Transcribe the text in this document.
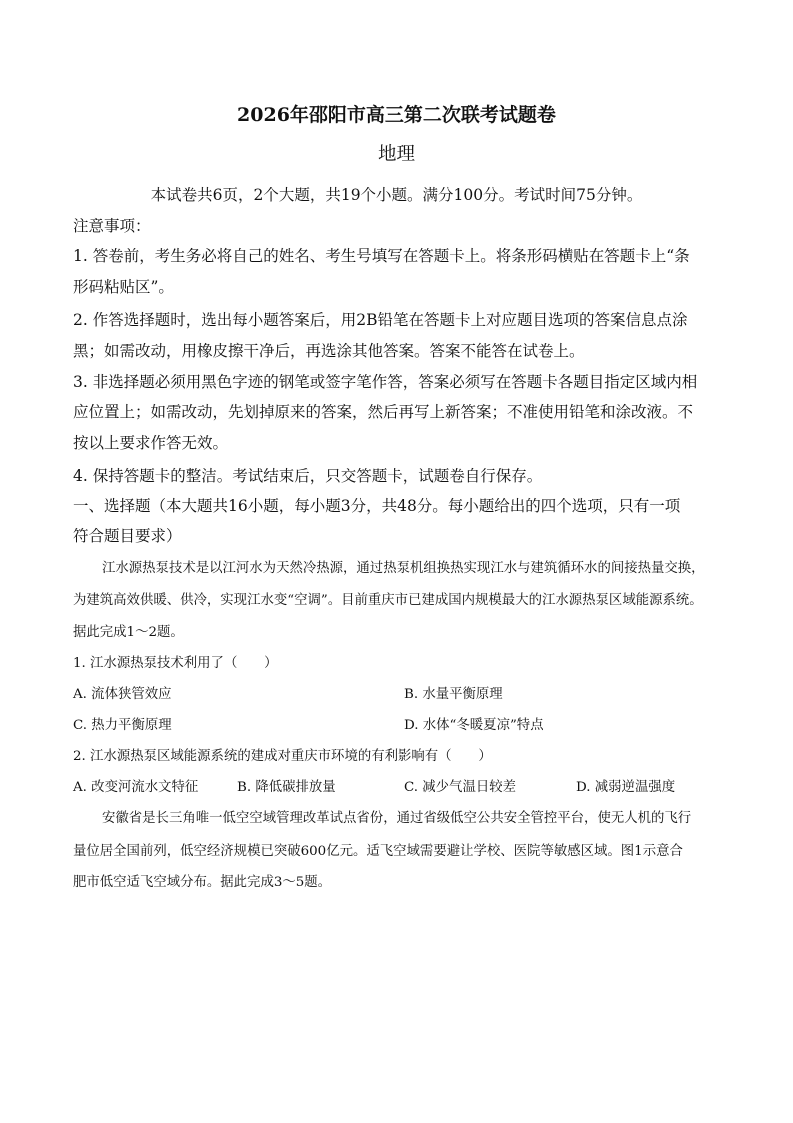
2026年邵阳市高三第二次联考试题卷
地理
本试卷共6页，2个大题，共19个小题。满分100分。考试时间75分钟。
注意事项：
1. 答卷前，考生务必将自己的姓名、考生号填写在答题卡上。将条形码横贴在答题卡上“条
形码粘贴区”。
2. 作答选择题时，选出每小题答案后，用2B铅笔在答题卡上对应题目选项的答案信息点涂
黑；如需改动，用橡皮擦干净后，再选涂其他答案。答案不能答在试卷上。
3. 非选择题必须用黑色字迹的钢笔或签字笔作答，答案必须写在答题卡各题目指定区域内相
应位置上；如需改动，先划掉原来的答案，然后再写上新答案；不准使用铅笔和涂改液。不
按以上要求作答无效。
4. 保持答题卡的整洁。考试结束后，只交答题卡，试题卷自行保存。
一、选择题（本大题共16小题，每小题3分，共48分。每小题给出的四个选项，只有一项
符合题目要求）
江水源热泵技术是以江河水为天然冷热源，通过热泵机组换热实现江水与建筑循环水的间接热量交换，
为建筑高效供暖、供冷，实现江水变“空调”。目前重庆市已建成国内规模最大的江水源热泵区域能源系统。
据此完成1～2题。
1. 江水源热泵技术利用了（　　）
A. 流体狭管效应	B. 水量平衡原理
C. 热力平衡原理	D. 水体“冬暖夏凉”特点
2. 江水源热泵区域能源系统的建成对重庆市环境的有利影响有（　　）
A. 改变河流水文特征	B. 降低碳排放量	C. 减少气温日较差	D. 减弱逆温强度
安徽省是长三角唯一低空空域管理改革试点省份，通过省级低空公共安全管控平台，使无人机的飞行
量位居全国前列，低空经济规模已突破600亿元。适飞空域需要避让学校、医院等敏感区域。图1示意合
肥市低空适飞空域分布。据此完成3～5题。
